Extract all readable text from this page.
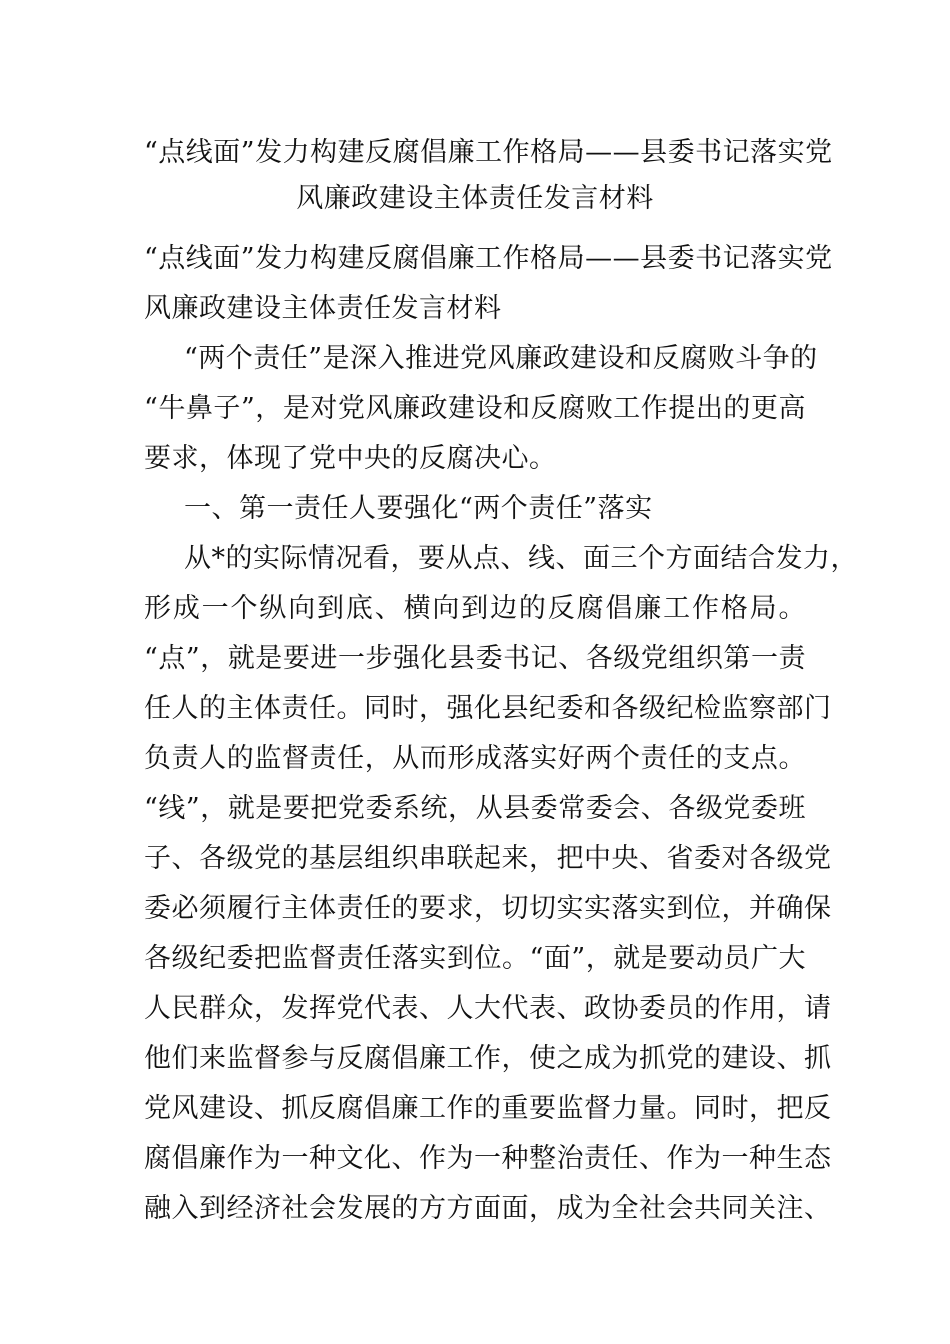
“点线面”发力构建反腐倡廉工作格局——县委书记落实党
风廉政建设主体责任发言材料
“点线面”发力构建反腐倡廉工作格局——县委书记落实党
风廉政建设主体责任发言材料
“两个责任”是深入推进党风廉政建设和反腐败斗争的
“牛鼻子”，是对党风廉政建设和反腐败工作提出的更高
要求，体现了党中央的反腐决心。
一、第一责任人要强化“两个责任”落实
从*的实际情况看，要从点、线、面三个方面结合发力，
形成一个纵向到底、横向到边的反腐倡廉工作格局。
“点”，就是要进一步强化县委书记、各级党组织第一责
任人的主体责任。同时，强化县纪委和各级纪检监察部门
负责人的监督责任，从而形成落实好两个责任的支点。
“线”，就是要把党委系统，从县委常委会、各级党委班
子、各级党的基层组织串联起来，把中央、省委对各级党
委必须履行主体责任的要求，切切实实落实到位，并确保
各级纪委把监督责任落实到位。“面”，就是要动员广大
人民群众，发挥党代表、人大代表、政协委员的作用，请
他们来监督参与反腐倡廉工作，使之成为抓党的建设、抓
党风建设、抓反腐倡廉工作的重要监督力量。同时，把反
腐倡廉作为一种文化、作为一种整治责任、作为一种生态
融入到经济社会发展的方方面面，成为全社会共同关注、
